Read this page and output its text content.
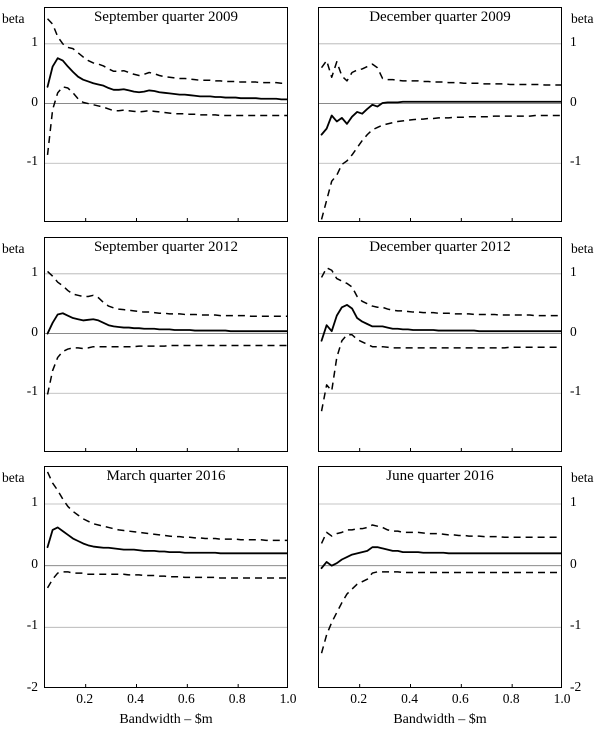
September quarter 2009
beta
1
0
-1
December quarter 2009	beta
1
0
-1
September quarter 2012
beta
1
0
-1
December quarter 2012	beta
1
0
-1
March quarter 2016
beta
1
0
-1
-2
0.2	0.4	0.6	0.8	1.0
Bandwidth – $m
June quarter 2016	beta
1
0
-1
-2
0.2	0.4	0.6	0.8	1.0
Bandwidth – $m
